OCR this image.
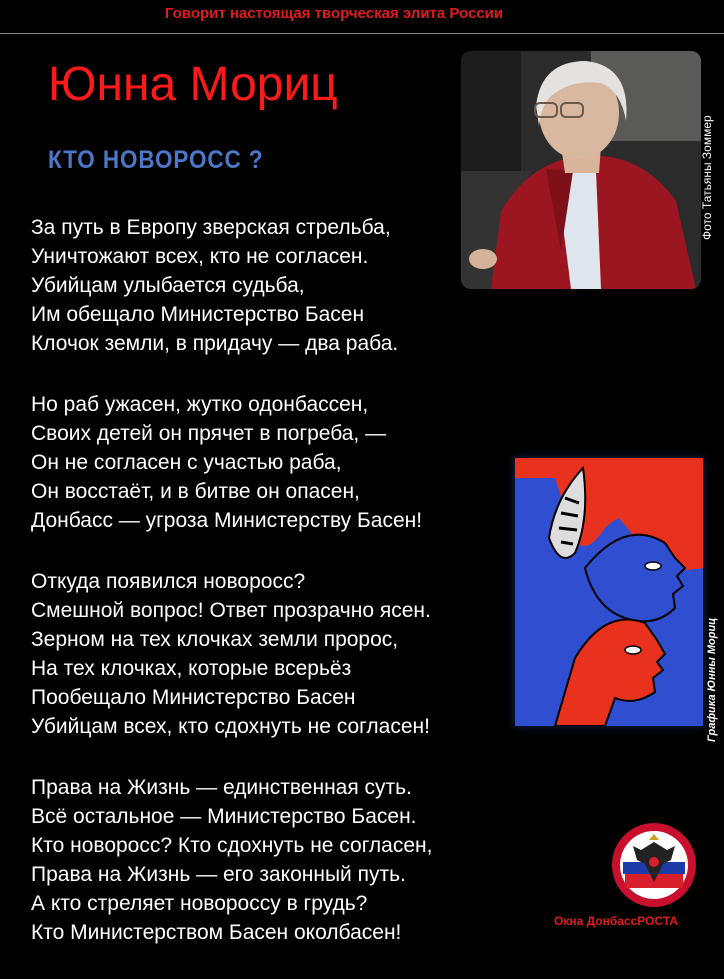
Говорит настоящая творческая элита России
Юнна Мориц
КТО НОВОРОСС ?
За путь в Европу зверская стрельба,
Уничтожают всех, кто не согласен.
Убийцам улыбается судьба,
Им обещало Министерство Басен
Клочок земли, в придачу — два раба.
Но раб ужасен, жутко одонбассен,
Своих детей он прячет в погреба, —
Он не согласен с участью раба,
Он восстаёт, и в битве он опасен,
Донбасс — угроза Министерству Басен!
Откуда появился новоросс?
Смешной вопрос! Ответ прозрачно ясен.
Зерном на тех клочках земли пророс,
На тех клочках, которые всерьёз
Пообещало Министерство Басен
Убийцам всех, кто сдохнуть не согласен!
Права на Жизнь — единственная суть.
Всё остальное — Министерство Басен.
Кто новоросс? Кто сдохнуть не согласен,
Права на Жизнь — его законный путь.
А кто стреляет новороссу в грудь?
Кто Министерством Басен околбасен!
Фото Татьяны Зоммер
Графика Юнны Мориц
Окна ДонбассРОСТА
